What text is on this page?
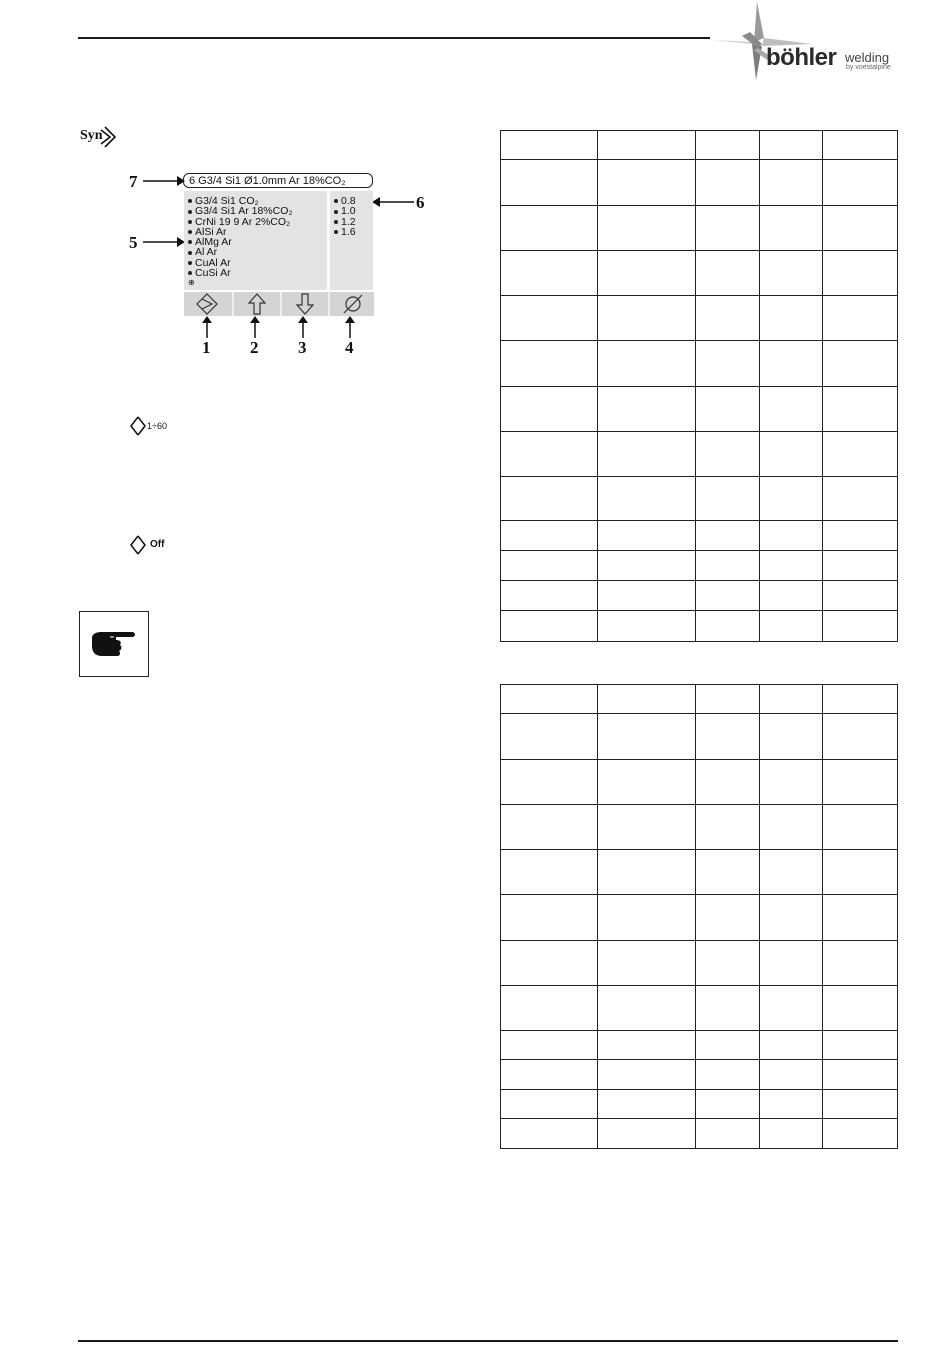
böhler welding
by voestalpine
Syn
7
5
6
6 G3/4 Si1 Ø1.0mm Ar 18%CO₂
G3/4 Si1 CO₂
G3/4 Si1 Ar 18%CO₂
CrNi 19 9 Ar 2%CO₂
AlSi Ar
AlMg Ar
Al Ar
CuAl Ar
CuSi Ar
⊕
0.8
1.0
1.2
1.6
1 2 3 4
1÷60
Off
